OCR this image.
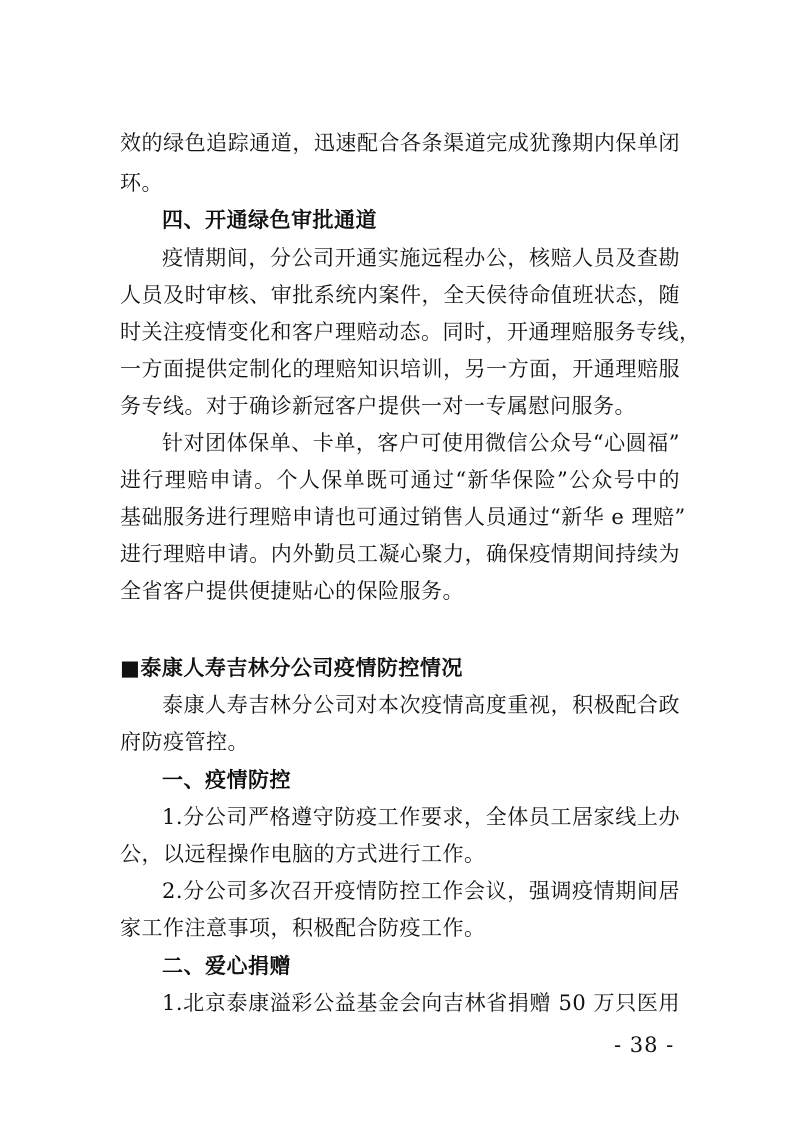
效的绿色追踪通道，迅速配合各条渠道完成犹豫期内保单闭
环。
四、开通绿色审批通道
疫情期间，分公司开通实施远程办公，核赔人员及查勘
人员及时审核、审批系统内案件，全天侯待命值班状态，随
时关注疫情变化和客户理赔动态。同时，开通理赔服务专线，
一方面提供定制化的理赔知识培训，另一方面，开通理赔服
务专线。对于确诊新冠客户提供一对一专属慰问服务。
针对团体保单、卡单，客户可使用微信公众号“心圆福”
进行理赔申请。个人保单既可通过“新华保险”公众号中的
基础服务进行理赔申请也可通过销售人员通过“新华 e 理赔”
进行理赔申请。内外勤员工凝心聚力，确保疫情期间持续为
全省客户提供便捷贴心的保险服务。
■泰康人寿吉林分公司疫情防控情况
泰康人寿吉林分公司对本次疫情高度重视，积极配合政
府防疫管控。
一、疫情防控
1.分公司严格遵守防疫工作要求，全体员工居家线上办
公，以远程操作电脑的方式进行工作。
2.分公司多次召开疫情防控工作会议，强调疫情期间居
家工作注意事项，积极配合防疫工作。
二、爱心捐赠
1.北京泰康溢彩公益基金会向吉林省捐赠 50 万只医用
- 38 -
